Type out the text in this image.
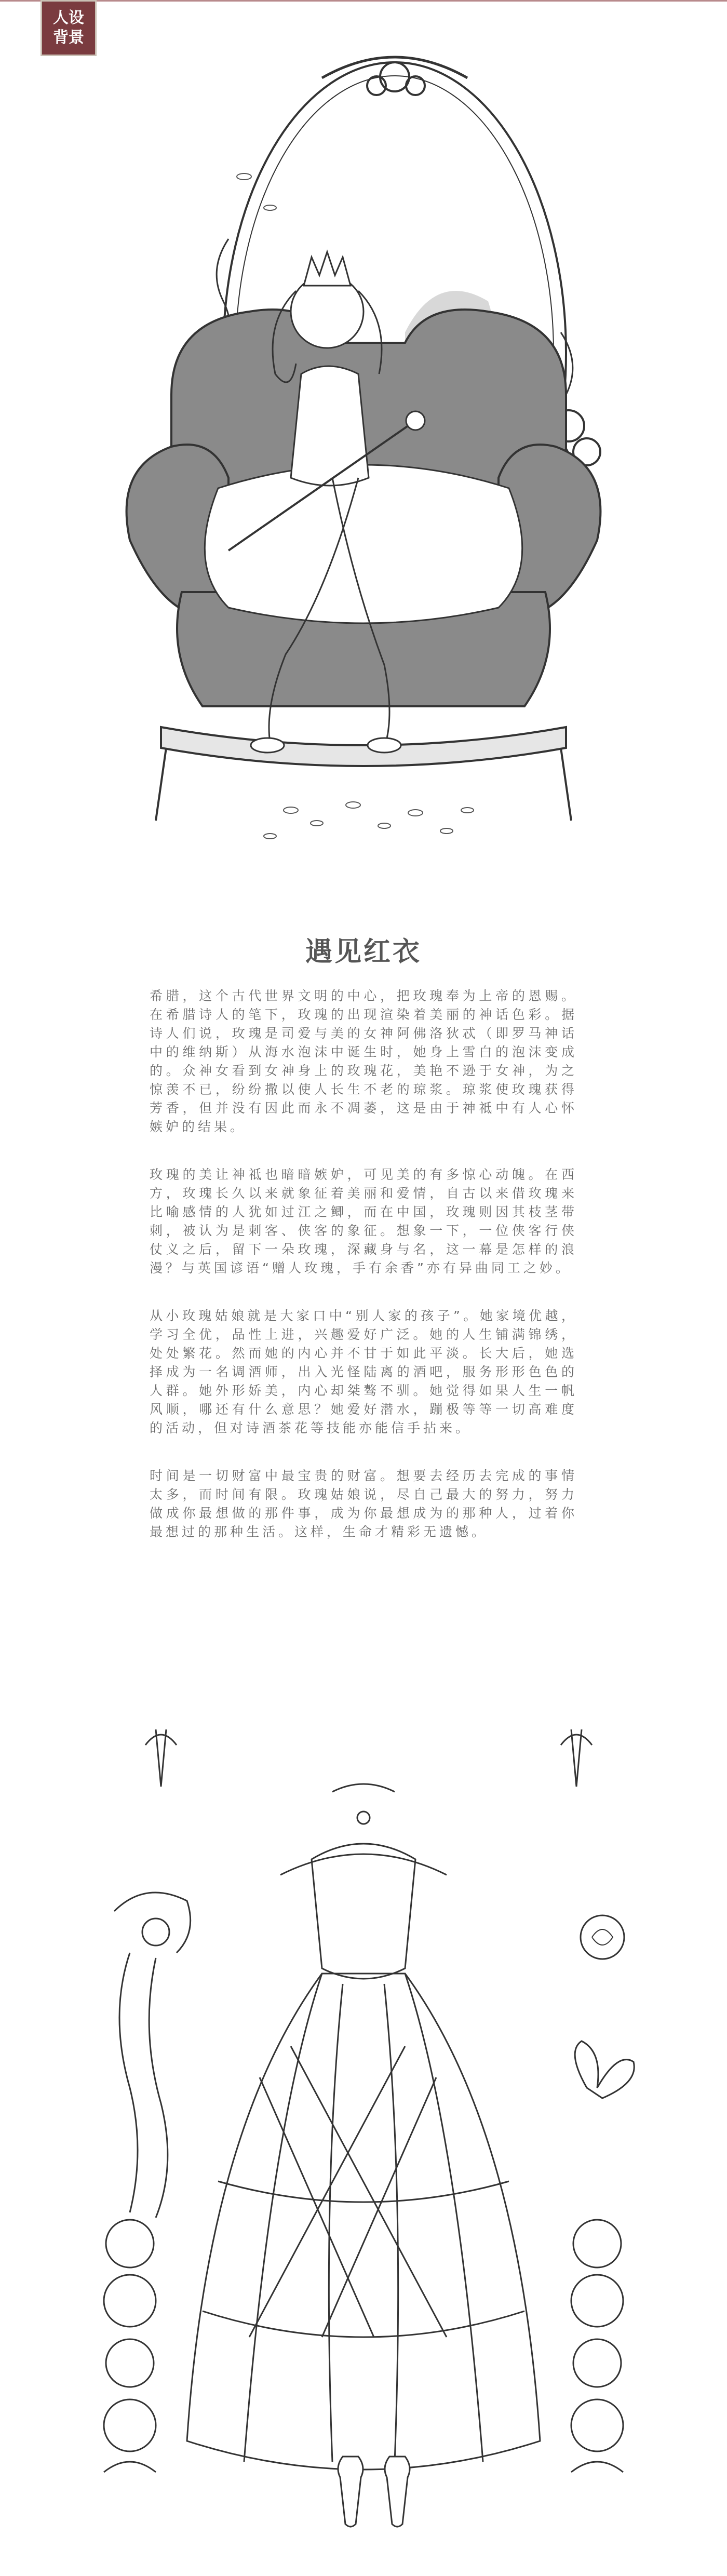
人设
背景
遇见红衣

希腊，这个古代世界文明的中心，把玫瑰奉为上帝的恩赐。在希腊诗人的笔下，玫瑰的出现渲染着美丽的神话色彩。据诗人们说，玫瑰是司爱与美的女神阿佛洛狄忒（即罗马神话中的维纳斯）从海水泡沫中诞生时，她身上雪白的泡沫变成的。众神女看到女神身上的玫瑰花，美艳不逊于女神，为之惊羡不已，纷纷撒以使人长生不老的琼浆。琼浆使玫瑰获得芳香，但并没有因此而永不凋萎，这是由于神祗中有人心怀嫉妒的结果。

玫瑰的美让神祗也暗暗嫉妒，可见美的有多惊心动魄。在西方，玫瑰长久以来就象征着美丽和爱情，自古以来借玫瑰来比喻感情的人犹如过江之鲫，而在中国，玫瑰则因其枝茎带刺，被认为是刺客、侠客的象征。想象一下，一位侠客行侠仗义之后，留下一朵玫瑰，深藏身与名，这一幕是怎样的浪漫？与英国谚语“赠人玫瑰，手有余香”亦有异曲同工之妙。

从小玫瑰姑娘就是大家口中“别人家的孩子”。她家境优越，学习全优，品性上进，兴趣爱好广泛。她的人生铺满锦绣，处处繁花。然而她的内心并不甘于如此平淡。长大后，她选择成为一名调酒师，出入光怪陆离的酒吧，服务形形色色的人群。她外形娇美，内心却桀骜不驯。她觉得如果人生一帆风顺，哪还有什么意思？她爱好潜水，蹦极等等一切高难度的活动，但对诗酒茶花等技能亦能信手拈来。

时间是一切财富中最宝贵的财富。想要去经历去完成的事情太多，而时间有限。玫瑰姑娘说，尽自己最大的努力，努力做成你最想做的那件事，成为你最想成为的那种人，过着你最想过的那种生活。这样，生命才精彩无遗憾。
